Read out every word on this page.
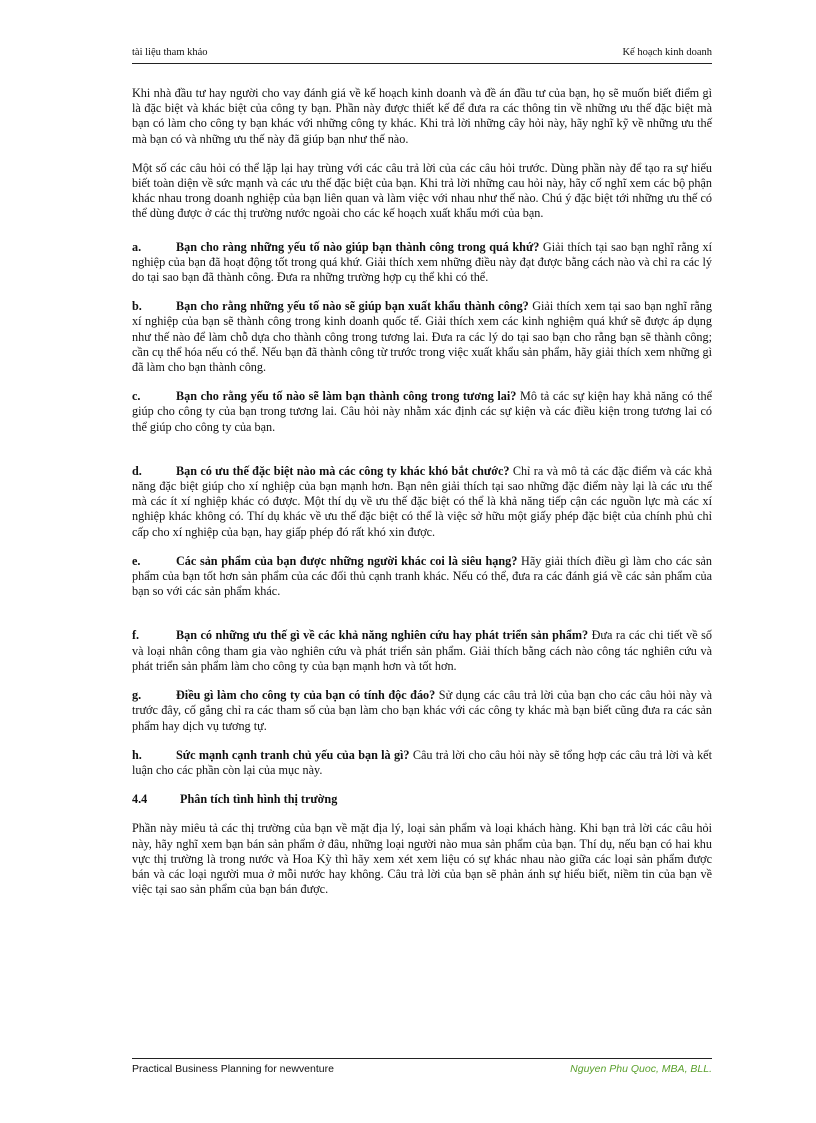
tài liệu tham khảo	Kế hoạch kinh doanh

Khi nhà đầu tư hay người cho vay đánh giá về kế hoạch kinh doanh và đề án đầu tư của bạn, họ sẽ muốn biết điểm gì là đặc biệt và khác biệt của công ty bạn. Phần này được thiết kế để đưa ra các thông tin về những ưu thế đặc biệt mà bạn có làm cho công ty bạn khác với những công ty khác. Khi trả lời những cây hỏi này, hãy nghĩ kỹ về những ưu thế mà bạn có và những ưu thế này đã giúp bạn như thế nào.

Một số các câu hỏi có thể lặp lại hay trùng với các câu trả lời của các câu hỏi trước. Dùng phần này để tạo ra sự hiểu biết toàn diện về sức mạnh và các ưu thế đặc biệt của bạn. Khi trả lời những cau hỏi này, hãy cố nghĩ xem các bộ phận khác nhau trong doanh nghiệp của bạn liên quan và làm việc với nhau như thế nào. Chú ý đặc biệt tới những ưu thế có thể dùng được ở các thị trường nước ngoài cho các kế hoạch xuất khẩu mới của bạn.

a.	Bạn cho ràng những yếu tố nào giúp bạn thành công trong quá khứ? Giải thích tại sao bạn nghĩ rằng xí nghiệp của bạn đã hoạt động tốt trong quá khứ. Giải thích xem những điều này đạt được bằng cách nào và chỉ ra các lý do tại sao bạn đã thành công. Đưa ra những trường hợp cụ thể khi có thể.

b.	Bạn cho rằng những yếu tố nào sẽ giúp bạn xuất khẩu thành công? Giải thích xem tại sao bạn nghĩ rằng xí nghiệp của bạn sẽ thành công trong kinh doanh quốc tế. Giải thích xem các kinh nghiệm quá khứ sẽ được áp dụng như thế nào để làm chỗ dựa cho thành công trong tương lai. Đưa ra các lý do tại sao bạn cho rằng bạn sẽ thành công; cần cụ thể hóa nếu có thể. Nếu bạn đã thành công từ trước trong việc xuất khẩu sản phẩm, hãy giải thích xem những gì đã làm cho bạn thành công.

c.	Bạn cho rằng yếu tố nào sẽ làm bạn thành công trong tương lai? Mô tả các sự kiện hay khả năng có thể giúp cho công ty của bạn trong tương lai. Câu hỏi này nhằm xác định các sự kiện và các điều kiện trong tương lai có thể giúp cho công ty của bạn.

d.	Bạn có ưu thế đặc biệt nào mà các công ty khác khó bắt chước? Chỉ ra và mô tả các đặc điểm và các khả năng đặc biệt giúp cho xí nghiệp của bạn mạnh hơn. Bạn nên giải thích tại sao những đặc điểm này lại là các ưu thế mà các ít xí nghiệp khác có được. Một thí dụ về ưu thế đặc biệt có thể là khả năng tiếp cận các nguồn lực mà các xí nghiệp khác không có. Thí dụ khác về ưu thế đặc biệt có thể là việc sở hữu một giấy phép đặc biệt của chính phủ chỉ cấp cho xí nghiệp của bạn, hay giấp phép đó rất khó xin được.

e.	Các sản phẩm của bạn được những người khác coi là siêu hạng? Hãy giải thích điều gì làm cho các sản phẩm của bạn tốt hơn sản phẩm của các đối thủ cạnh tranh khác. Nếu có thể, đưa ra các đánh giá về các sản phẩm của bạn so với các sản phẩm khác.

f.	Bạn có những ưu thế gì về các khả năng nghiên cứu hay phát triển sản phẩm? Đưa ra các chi tiết về số và loại nhân công tham gia vào nghiên cứu và phát triển sản phẩm. Giải thích bằng cách nào công tác nghiên cứu và phát triển sản phẩm làm cho công ty của bạn mạnh hơn và tốt hơn.

g.	Điều gì làm cho công ty của bạn có tính độc đáo? Sử dụng các câu trả lời của bạn cho các câu hỏi này và trước đây, cố gắng chỉ ra các tham số của bạn làm cho bạn khác với các công ty khác mà bạn biết cũng đưa ra các sản phẩm hay dịch vụ tương tự.

h.	Sức mạnh cạnh tranh chủ yếu của bạn là gì? Câu trả lời cho câu hỏi này sẽ tổng hợp các câu trả lời và kết luận cho các phần còn lại của mục này.

4.4	Phân tích tình hình thị trường

Phần này miêu tả các thị trường của bạn về mặt địa lý, loại sản phẩm và loại khách hàng. Khi bạn trả lời các câu hỏi này, hãy nghĩ xem bạn bán sản phẩm ở đâu, những loại người nào mua sản phẩm của bạn. Thí dụ, nếu bạn có hai khu vực thị trường là trong nước và Hoa Kỳ thì hãy xem xét xem liệu có sự khác nhau nào giữa các loại sản phẩm được bán và các loại người mua ở mỗi nước hay không. Câu trả lời của bạn sẽ phản ánh sự hiểu biết, niềm tin của bạn về việc tại sao sản phẩm của bạn bán được.

Practical Business Planning for newventure	Nguyen Phu Quoc, MBA, BLL.
